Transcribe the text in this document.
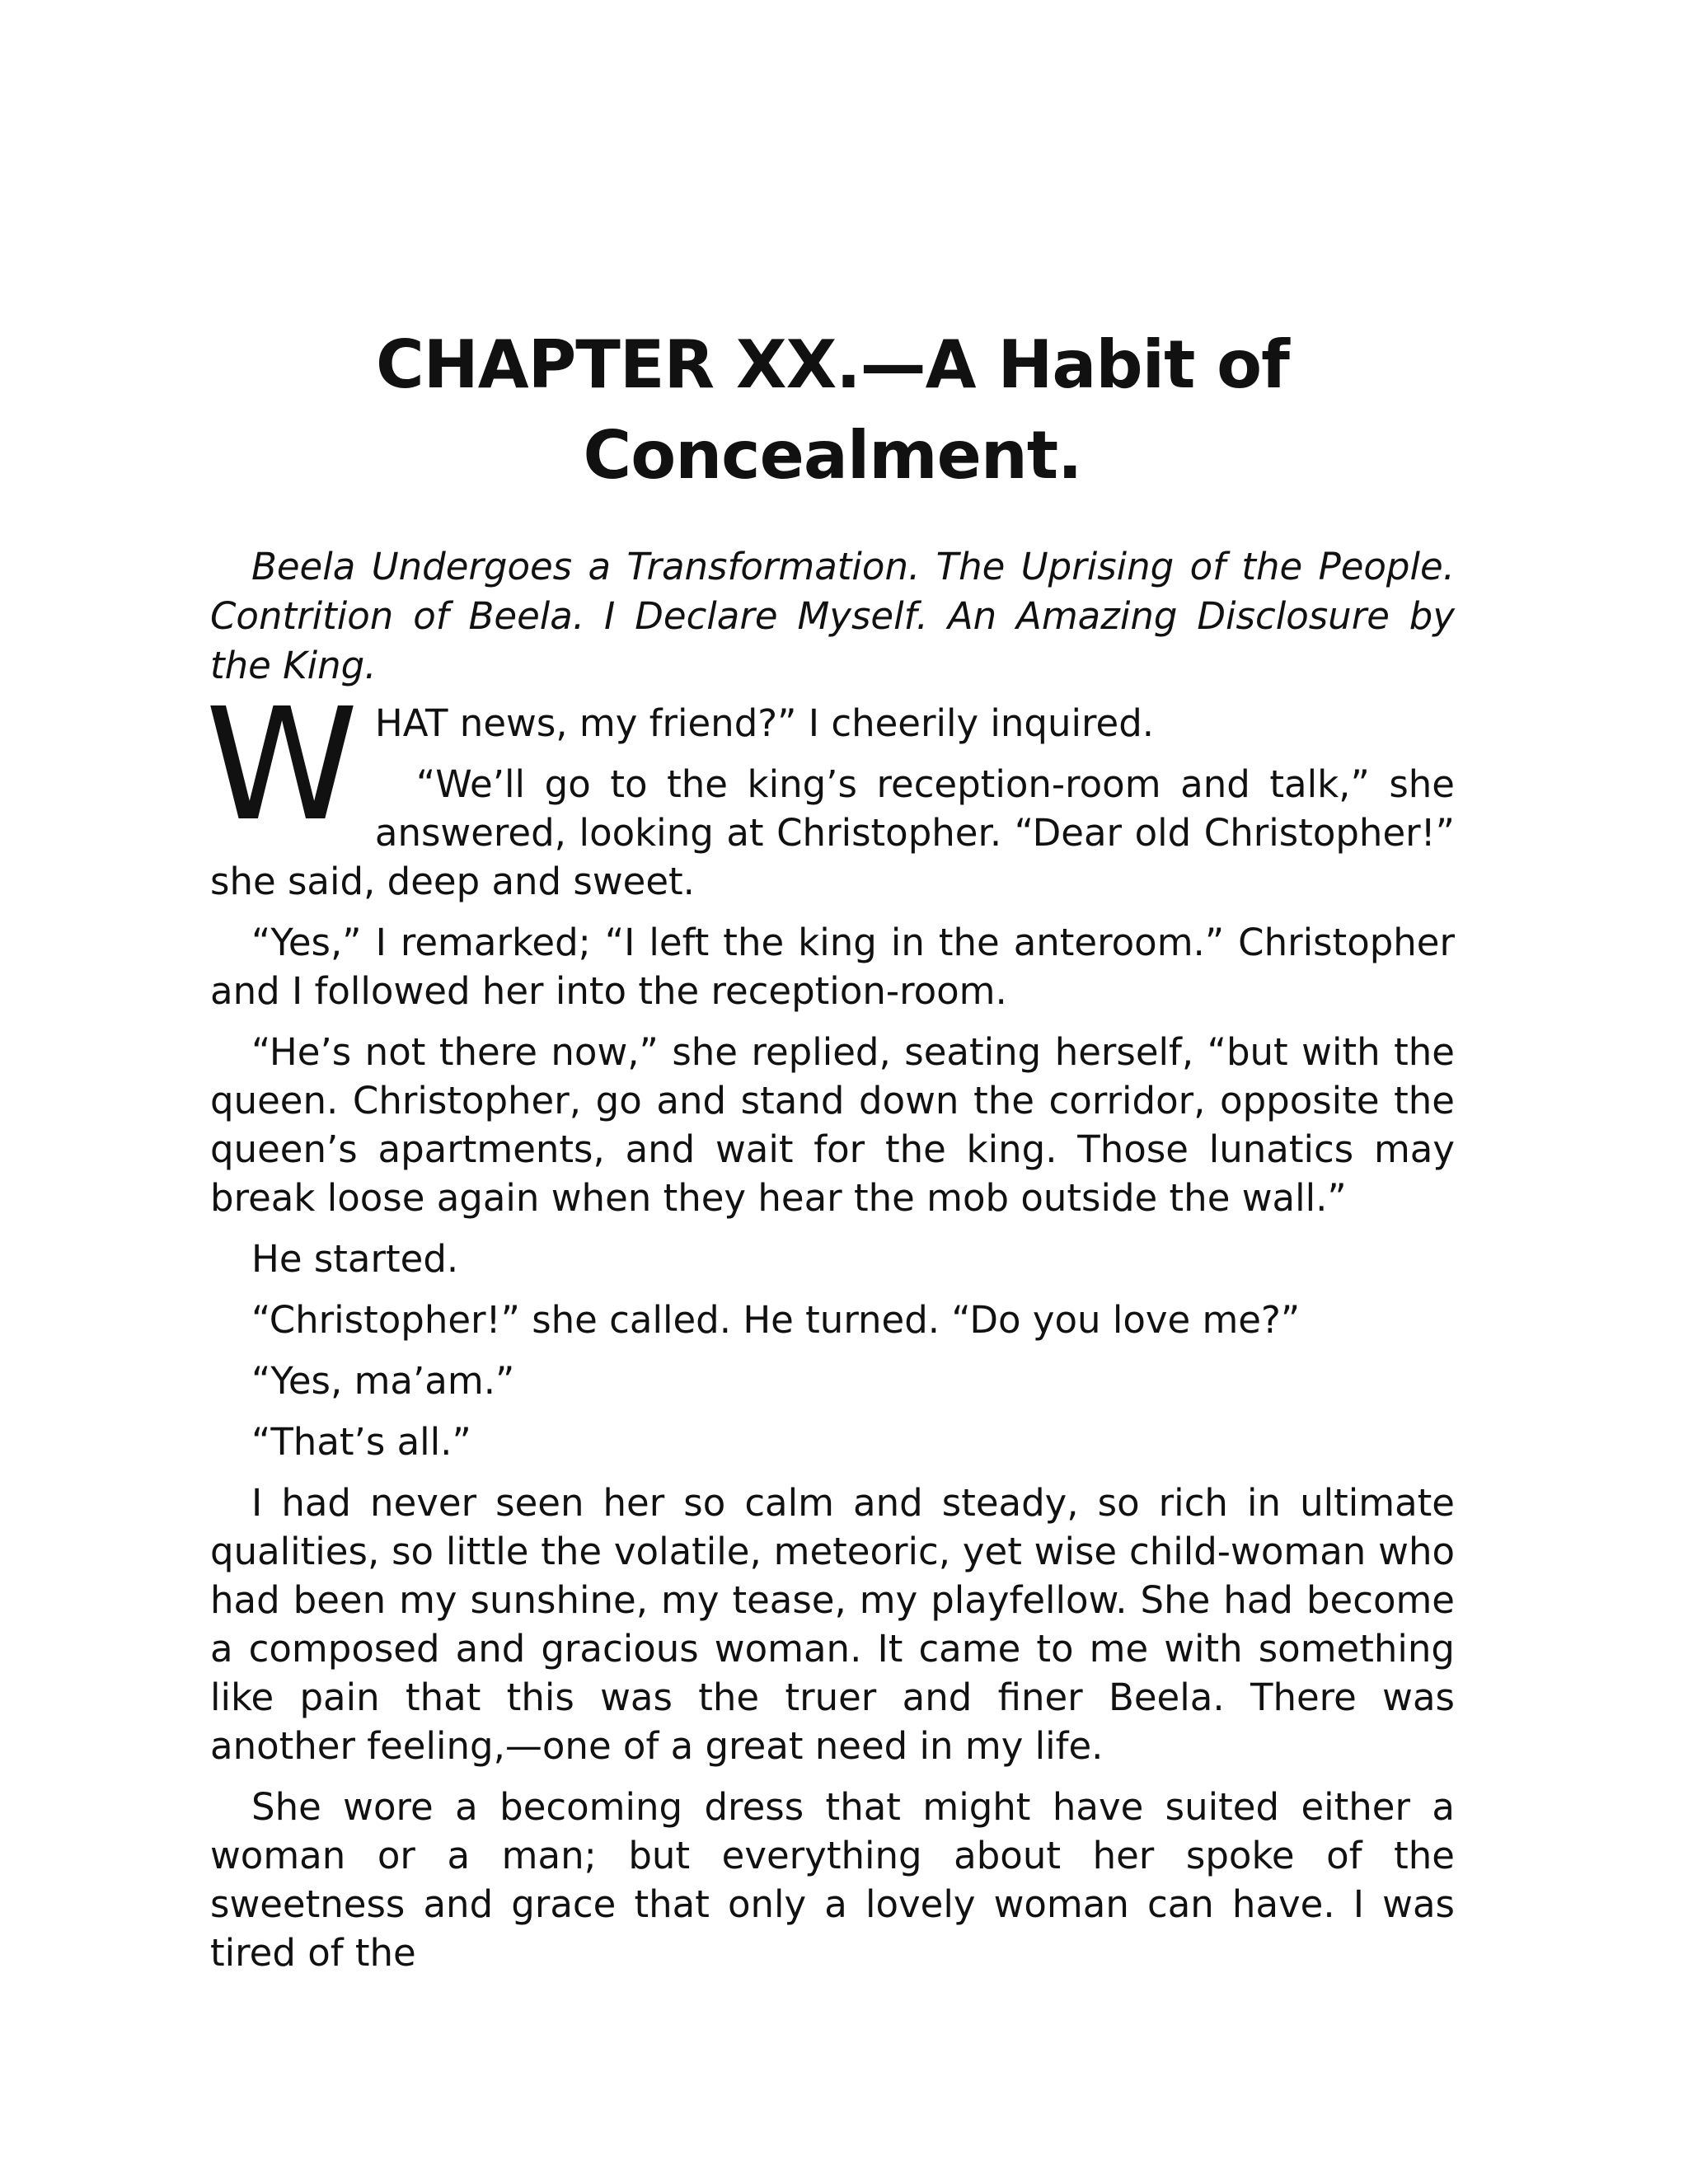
CHAPTER XX.—A Habit of Concealment.

Beela Undergoes a Transformation. The Uprising of the People. Contrition of Beela. I Declare Myself. An Amazing Disclosure by the King.

W HAT news, my friend?” I cheerily inquired.
“We’ll go to the king’s reception-room and talk,” she answered, looking at Christopher. “Dear old Christopher!” she said, deep and sweet.

“Yes,” I remarked; “I left the king in the anteroom.” Christopher and I followed her into the reception-room.

“He’s not there now,” she replied, seating herself, “but with the queen. Christopher, go and stand down the corridor, opposite the queen’s apartments, and wait for the king. Those lunatics may break loose again when they hear the mob outside the wall.”

He started.

“Christopher!” she called. He turned. “Do you love me?”

“Yes, ma’am.”

“That’s all.”

I had never seen her so calm and steady, so rich in ultimate qualities, so little the volatile, meteoric, yet wise child-woman who had been my sunshine, my tease, my playfellow. She had become a composed and gracious woman. It came to me with something like pain that this was the truer and finer Beela. There was another feeling,—one of a great need in my life.

She wore a becoming dress that might have suited either a woman or a man; but everything about her spoke of the sweetness and grace that only a lovely woman can have. I was tired of the
